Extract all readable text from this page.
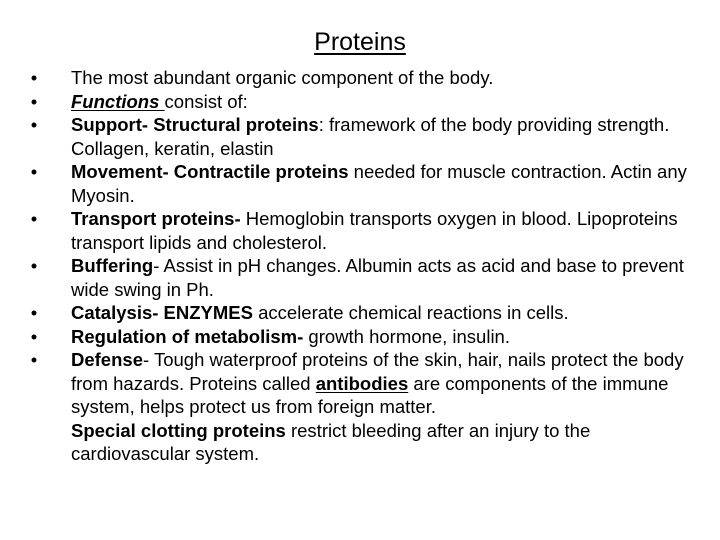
Proteins
• The most abundant organic component of the body.
• Functions consist of:
• Support- Structural proteins: framework of the body providing strength. Collagen, keratin, elastin
• Movement- Contractile proteins needed for muscle contraction. Actin any Myosin.
• Transport proteins- Hemoglobin transports oxygen in blood. Lipoproteins transport lipids and cholesterol.
• Buffering- Assist in pH changes. Albumin acts as acid and base to prevent wide swing in Ph.
• Catalysis- ENZYMES accelerate chemical reactions in cells.
• Regulation of metabolism- growth hormone, insulin.
• Defense- Tough waterproof proteins of the skin, hair, nails protect the body from hazards. Proteins called antibodies are components of the immune system, helps protect us from foreign matter.
Special clotting proteins restrict bleeding after an injury to the cardiovascular system.
